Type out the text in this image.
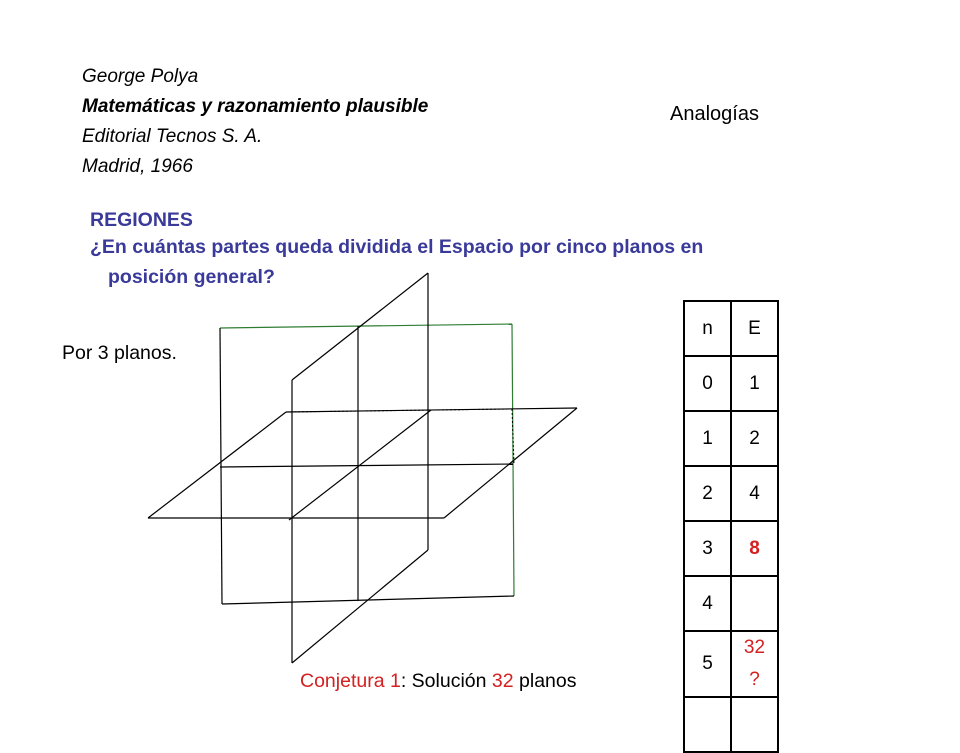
George Polya
Matemáticas y razonamiento plausible
Editorial Tecnos S. A.
Madrid, 1966
Analogías
REGIONES
¿En cuántas partes queda dividida el Espacio por cinco planos en
posición general?
Por 3 planos.
n	E
0	1
1	2
2	4
3	8
4	
5	32
?

Conjetura 1: Solución 32 planos
